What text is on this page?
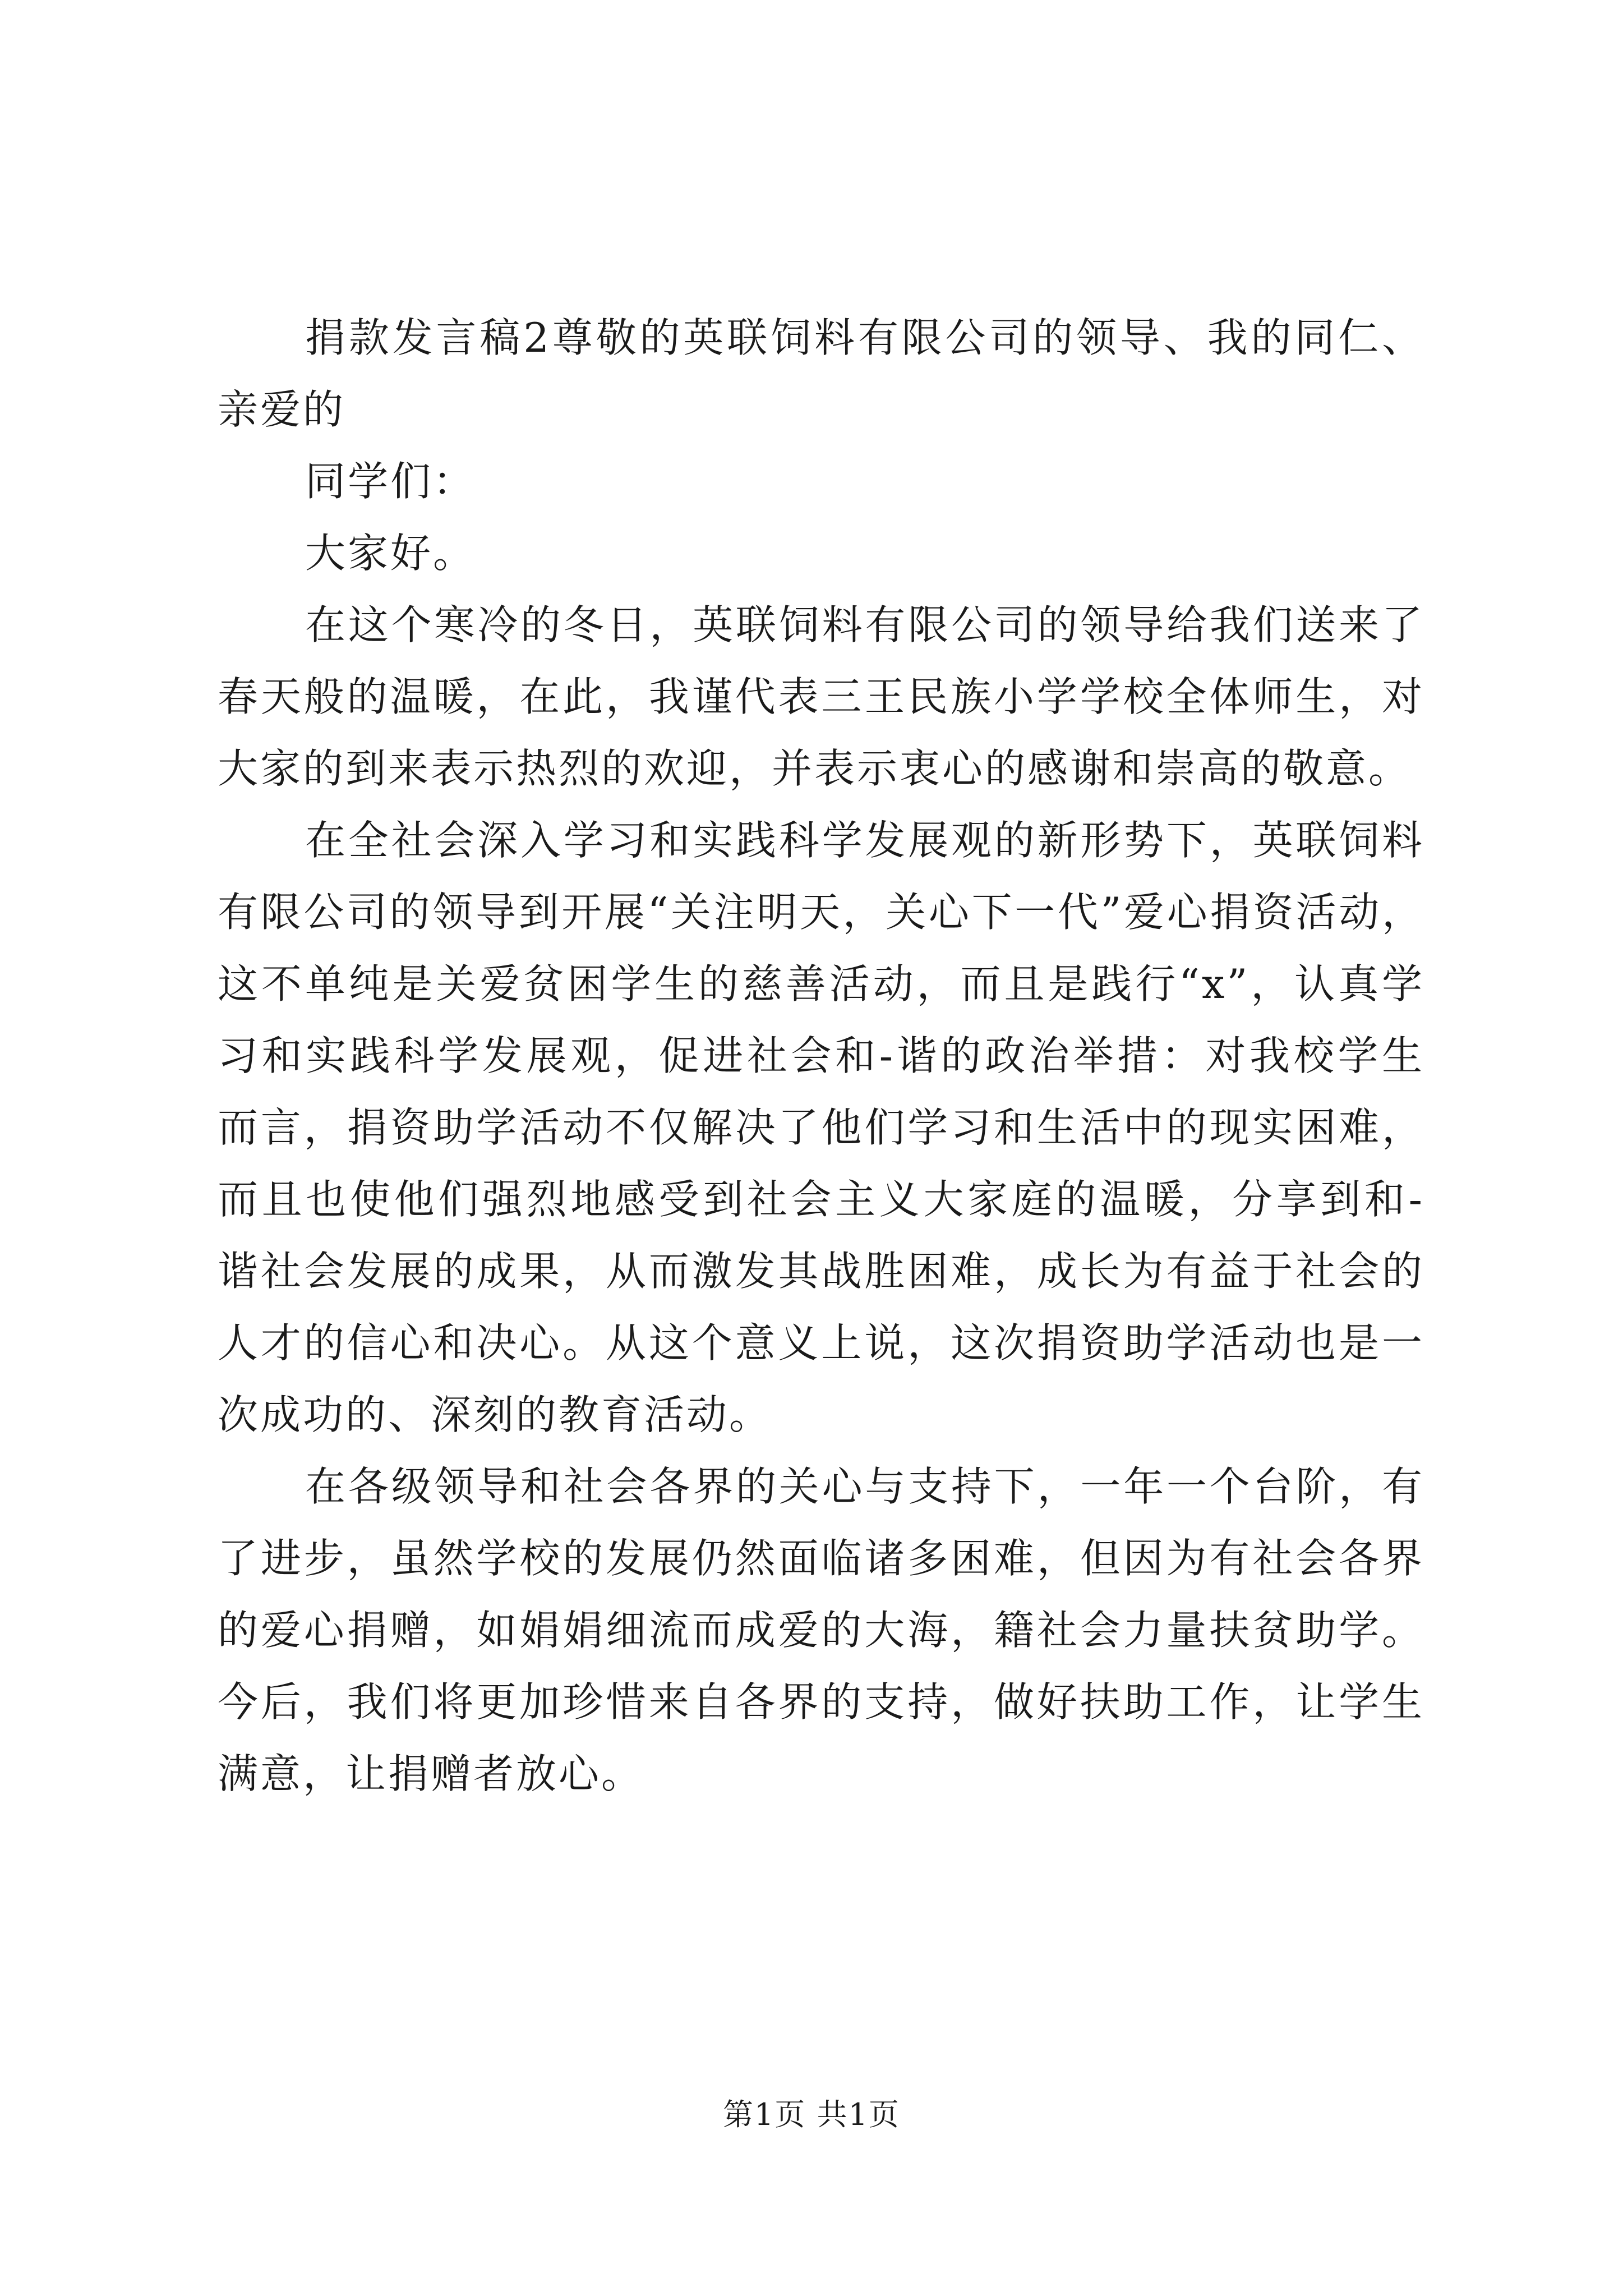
捐款发言稿2尊敬的英联饲料有限公司的领导、我的同仁、亲爱的

同学们：

大家好。

在这个寒冷的冬日，英联饲料有限公司的领导给我们送来了春天般的温暖，在此，我谨代表三王民族小学学校全体师生，对大家的到来表示热烈的欢迎，并表示衷心的感谢和崇高的敬意。

在全社会深入学习和实践科学发展观的新形势下，英联饲料有限公司的领导到开展“关注明天，关心下一代”爱心捐资活动，这不单纯是关爱贫困学生的慈善活动，而且是践行“x”，认真学习和实践科学发展观，促进社会和-谐的政治举措：对我校学生而言，捐资助学活动不仅解决了他们学习和生活中的现实困难，而且也使他们强烈地感受到社会主义大家庭的温暖，分享到和-谐社会发展的成果，从而激发其战胜困难，成长为有益于社会的人才的信心和决心。从这个意义上说，这次捐资助学活动也是一次成功的、深刻的教育活动。

在各级领导和社会各界的关心与支持下，一年一个台阶，有了进步，虽然学校的发展仍然面临诸多困难，但因为有社会各界的爱心捐赠，如娟娟细流而成爱的大海，籍社会力量扶贫助学。今后，我们将更加珍惜来自各界的支持，做好扶助工作，让学生满意，让捐赠者放心。

第1页 共1页
